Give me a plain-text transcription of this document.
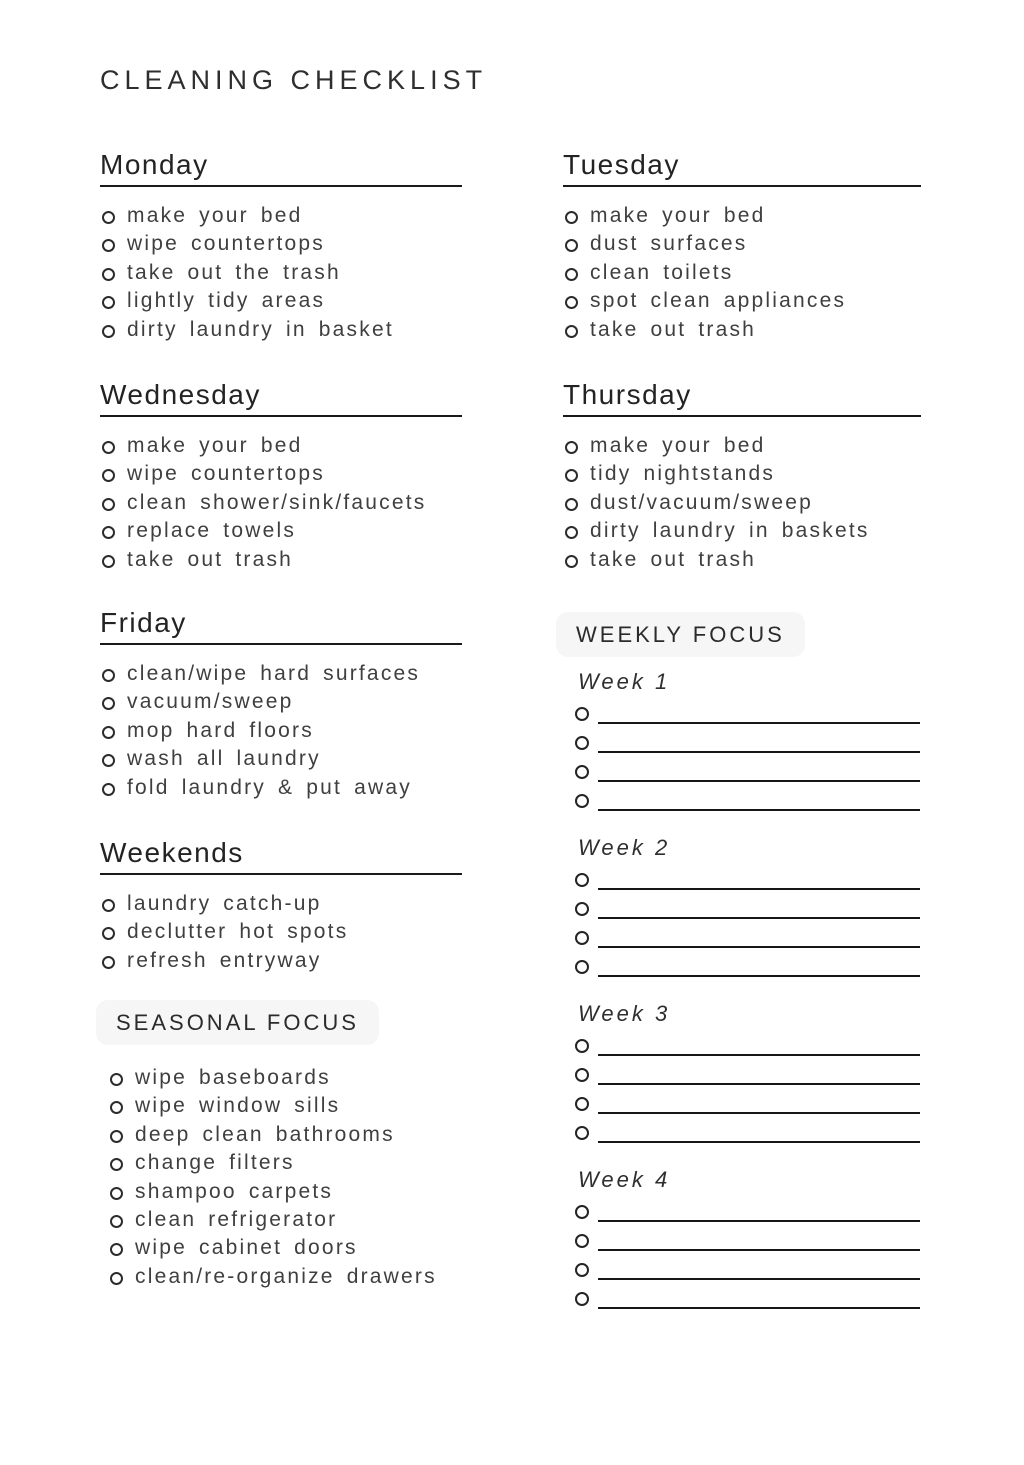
CLEANING CHECKLIST
Monday
make your bed
wipe countertops
take out the trash
lightly tidy areas
dirty laundry in basket
Tuesday
make your bed
dust surfaces
clean toilets
spot clean appliances
take out trash
Wednesday
make your bed
wipe countertops
clean shower/sink/faucets
replace towels
take out trash
Thursday
make your bed
tidy nightstands
dust/vacuum/sweep
dirty laundry in baskets
take out trash
Friday
clean/wipe hard surfaces
vacuum/sweep
mop hard floors
wash all laundry
fold laundry & put away
Weekends
laundry catch-up
declutter hot spots
refresh entryway
SEASONAL FOCUS
wipe baseboards
wipe window sills
deep clean bathrooms
change filters
shampoo carpets
clean refrigerator
wipe cabinet doors
clean/re-organize drawers
WEEKLY FOCUS
Week 1
Week 2
Week 3
Week 4
